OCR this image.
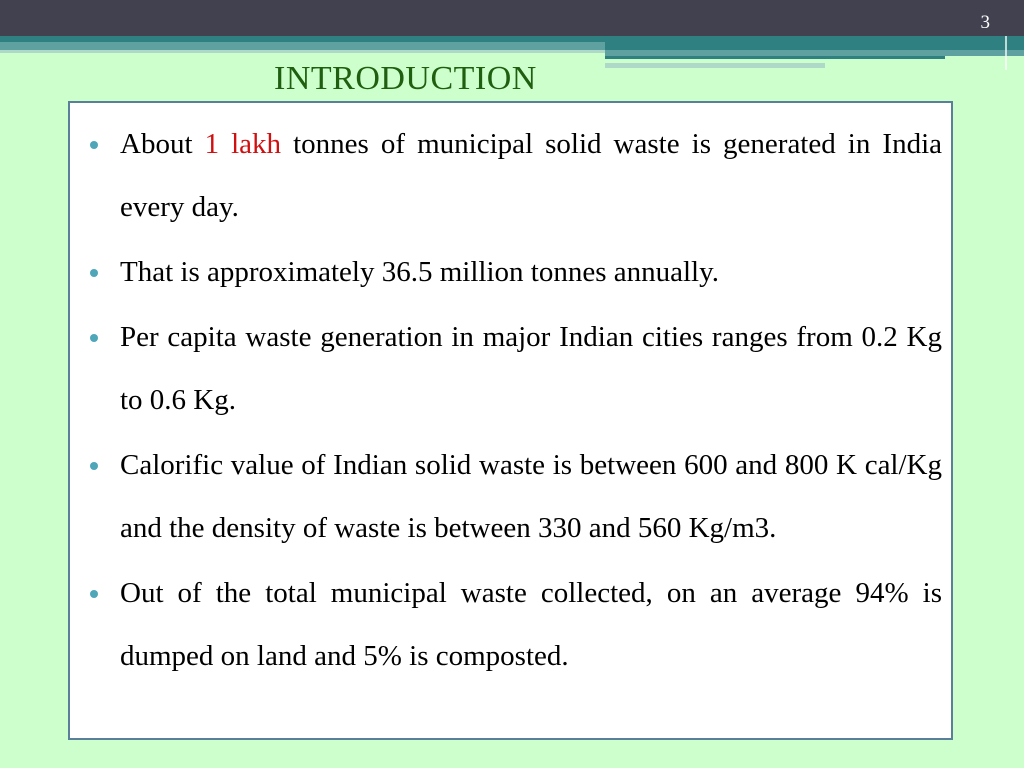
3
INTRODUCTION
About 1 lakh tonnes of municipal solid waste is generated in India every day.
That is approximately 36.5 million tonnes annually.
Per capita waste generation in major Indian cities ranges from 0.2 Kg to 0.6 Kg.
Calorific value of Indian solid waste is between 600 and 800 K cal/Kg and the density of waste is between 330 and 560 Kg/m3.
Out of the total municipal waste collected, on an average 94% is dumped on land and 5% is composted.
